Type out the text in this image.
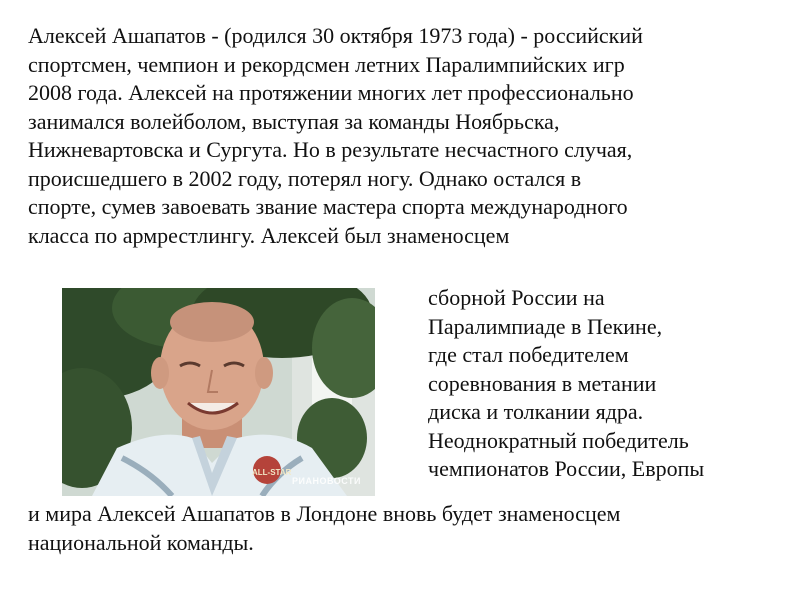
Алексей Ашапатов - (родился 30 октября 1973 года) - российский
спортсмен, чемпион и рекордсмен летних Паралимпийских игр
2008 года. Алексей на протяжении многих лет профессионально
занимался волейболом, выступая за команды Ноябрьска,
Нижневартовска и Сургута. Но в результате несчастного случая,
происшедшего в 2002 году, потерял ногу. Однако остался в
спорте, сумев завоевать звание мастера спорта международного
класса по армрестлингу. Алексей был знаменосцем

РИАНОВОСТИ
ALL-STAR

сборной России на
Паралимпиаде в Пекине,
где стал победителем
соревнования в метании
диска и толкании ядра.
Неоднократный победитель
чемпионатов России, Европы

и мира Алексей Ашапатов в Лондоне вновь будет знаменосцем
национальной команды.
